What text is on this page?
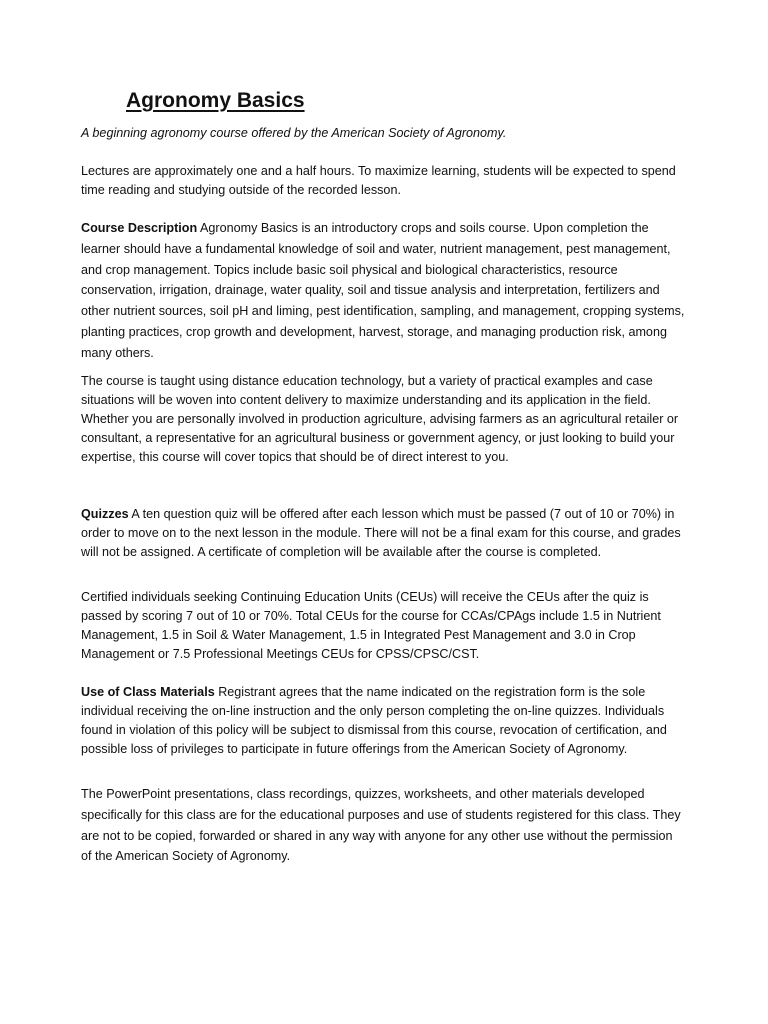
Agronomy Basics

A beginning agronomy course offered by the American Society of Agronomy.

Lectures are approximately one and a half hours. To maximize learning, students will be expected to spend time reading and studying outside of the recorded lesson.

Course Description Agronomy Basics is an introductory crops and soils course. Upon completion the learner should have a fundamental knowledge of soil and water, nutrient management, pest management, and crop management. Topics include basic soil physical and biological characteristics, resource conservation, irrigation, drainage, water quality, soil and tissue analysis and interpretation, fertilizers and other nutrient sources, soil pH and liming, pest identification, sampling, and management, cropping systems, planting practices, crop growth and development, harvest, storage, and managing production risk, among many others.

The course is taught using distance education technology, but a variety of practical examples and case situations will be woven into content delivery to maximize understanding and its application in the field. Whether you are personally involved in production agriculture, advising farmers as an agricultural retailer or consultant, a representative for an agricultural business or government agency, or just looking to build your expertise, this course will cover topics that should be of direct interest to you.

Quizzes A ten question quiz will be offered after each lesson which must be passed (7 out of 10 or 70%) in order to move on to the next lesson in the module. There will not be a final exam for this course, and grades will not be assigned. A certificate of completion will be available after the course is completed.

Certified individuals seeking Continuing Education Units (CEUs) will receive the CEUs after the quiz is passed by scoring 7 out of 10 or 70%. Total CEUs for the course for CCAs/CPAgs include 1.5 in Nutrient Management, 1.5 in Soil & Water Management, 1.5 in Integrated Pest Management and 3.0 in Crop Management or 7.5 Professional Meetings CEUs for CPSS/CPSC/CST.

Use of Class Materials Registrant agrees that the name indicated on the registration form is the sole individual receiving the on-line instruction and the only person completing the on-line quizzes. Individuals found in violation of this policy will be subject to dismissal from this course, revocation of certification, and possible loss of privileges to participate in future offerings from the American Society of Agronomy.

The PowerPoint presentations, class recordings, quizzes, worksheets, and other materials developed specifically for this class are for the educational purposes and use of students registered for this class. They are not to be copied, forwarded or shared in any way with anyone for any other use without the permission of the American Society of Agronomy.
